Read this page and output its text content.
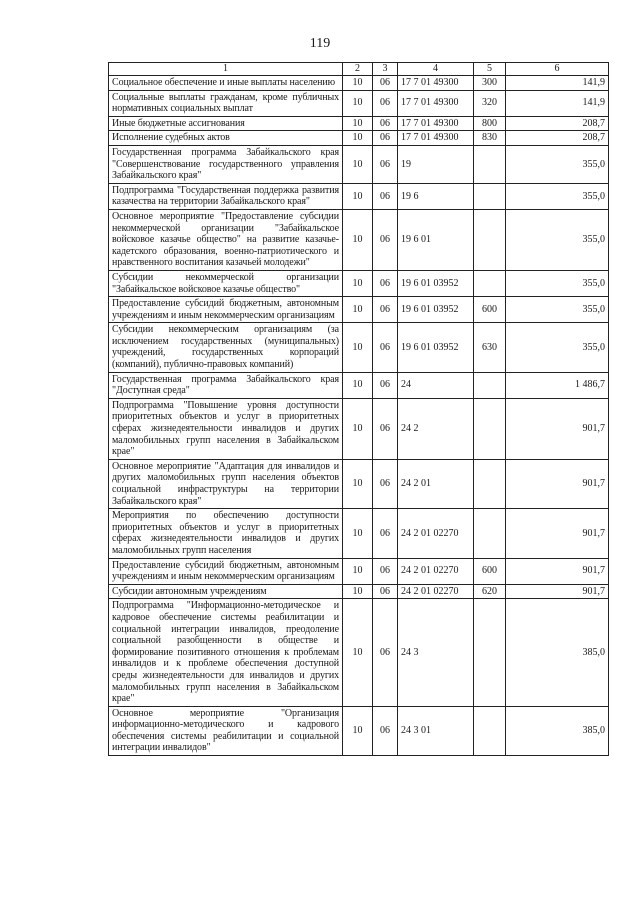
119
1	2	3	4	5	6
Социальное обеспечение и иные выплаты населению	10	06	17 7 01 49300	300	141,9
Социальные выплаты гражданам, кроме публичных нормативных социальных выплат	10	06	17 7 01 49300	320	141,9
Иные бюджетные ассигнования	10	06	17 7 01 49300	800	208,7
Исполнение судебных актов	10	06	17 7 01 49300	830	208,7
Государственная программа Забайкальского края "Совершенствование государственного управления Забайкальского края"	10	06	19		355,0
Подпрограмма "Государственная поддержка развития казачества на территории Забайкальского края"	10	06	19 6		355,0
Основное мероприятие "Предоставление субсидии некоммерческой организации "Забайкальское войсковое казачье общество" на развитие казачье-кадетского образования, военно-патриотического и нравственного воспитания казачьей молодежи"	10	06	19 6 01		355,0
Субсидии некоммерческой организации "Забайкальское войсковое казачье общество"	10	06	19 6 01 03952		355,0
Предоставление субсидий бюджетным, автономным учреждениям и иным некоммерческим организациям	10	06	19 6 01 03952	600	355,0
Субсидии некоммерческим организациям (за исключением государственных (муниципальных) учреждений, государственных корпораций (компаний), публично-правовых компаний)	10	06	19 6 01 03952	630	355,0
Государственная программа Забайкальского края "Доступная среда"	10	06	24		1 486,7
Подпрограмма "Повышение уровня доступности приоритетных объектов и услуг в приоритетных сферах жизнедеятельности инвалидов и других маломобильных групп населения в Забайкальском крае"	10	06	24 2		901,7
Основное мероприятие "Адаптация для инвалидов и других маломобильных групп населения объектов социальной инфраструктуры на территории Забайкальского края"	10	06	24 2 01		901,7
Мероприятия по обеспечению доступности приоритетных объектов и услуг в приоритетных сферах жизнедеятельности инвалидов и других маломобильных групп населения	10	06	24 2 01 02270		901,7
Предоставление субсидий бюджетным, автономным учреждениям и иным некоммерческим организациям	10	06	24 2 01 02270	600	901,7
Субсидии автономным учреждениям	10	06	24 2 01 02270	620	901,7
Подпрограмма "Информационно-методическое и кадровое обеспечение системы реабилитации и социальной интеграции инвалидов, преодоление социальной разобщенности в обществе и формирование позитивного отношения к проблемам инвалидов и к проблеме обеспечения доступной среды жизнедеятельности для инвалидов и других маломобильных групп населения в Забайкальском крае"	10	06	24 3		385,0
Основное мероприятие "Организация информационно-методического и кадрового обеспечения системы реабилитации и социальной интеграции инвалидов"	10	06	24 3 01		385,0
